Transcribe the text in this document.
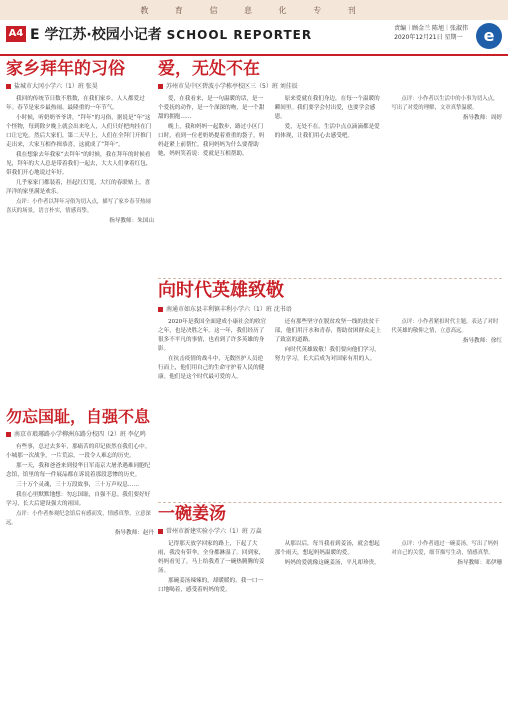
教 育 信 息 化 专 刊
A4 E 学江苏·校园小记者 SCHOOL REPORTER	责编｜顾金兰 陈旭｜张淑伟
2020年12月21日 星期一	e
家乡拜年的习俗
盐城市大冈小学六（1）班 张昊

我回的传统节日数不胜数，在我们家乡，人人都爱过年。春节是家乡最热闹、最隆重的一年节气。

小时候，听奶奶爷爷讲，“拜年”的习俗，据说是“年”这个怪物，每到除夕晚上就会出来吃人，人们只好把肉挂在门口让它吃。然后大家们，第二天早上，人们在全拜门开推门走出来，大家互相作揖恭喜，这就成了“拜年”。

我在想象去年我家“去拜年”的时候，我在拜年的时候看见，拜年的大人总是带着我们一起去，大大人们拿着红包，带我们开心地说过年好。

几乎家家门都装着，挂起红灯笼，大红的春联贴上，喜洋洋的家里满是欢乐。

点评：小作者以拜年习俗为切入点，描写了家乡春节热闹喜庆的场景，语言朴实，情感真挚。

指导教师：朱国山
勿忘国耻，自强不息
南京市琅琊路小学柳洲东路分校四（2）班 李亿鸣

有些事，总过去多年，那痛苦的印记依然在我们心中。小城那一次战争，一片荒凉，一段令人难忘的历史。

那一天，我和爸爸来到侵华日军南京大屠杀遇难同胞纪念馆，馆里的每一件展品都在诉说着那段悲惨的历史。

三十万个灵魂，三十万段故事，三十万声叹息……

我在心里默默地想：勿忘国耻，自强不息。我们要好好学习，长大后建设强大的祖国。

点评：小作者参观纪念馆后有感而发，情感真挚，立意深远。

指导教师：赵丹
爱，无处不在
苏州市吴中区碧波小学栋亭校区三（5）班 刘佳辰

爱，在我看来，是一句温暖的话，是一个爱抚的动作，是一个深深的吻，是一个甜甜的拥抱……

晚上，我和妈妈一起散步，路过小区门口时，看到一位老奶奶提着重重的袋子，妈妈赶紧上前帮忙。我问妈妈为什么要帮助她，妈妈笑着说：爱就是互相帮助。

原来爱就在我们身边，在每一个温暖的瞬间里。我们要学会付出爱，也要学会感恩。

爱，无处不在。生活中点点滴滴都是爱的体现，让我们用心去感受吧。

点评：小作者以生活中的小事为切入点，写出了对爱的理解，文章真挚温暖。

指导教师：周婷
向时代英雄致敬
南通市如东县丰利镇丰利小学六（1）班 沈书语

2020年是我国全面建成小康社会的收官之年，也是决胜之年。这一年，我们经历了很多不平凡的事情，也看到了许多英雄的身影。

在抗击疫情的战斗中，无数医护人员逆行而上，他们用自己的生命守护着人民的健康。他们是这个时代最可爱的人。

还有那些坚守在脱贫攻坚一线的扶贫干部，他们用汗水和青春，帮助贫困群众走上了致富的道路。

向时代英雄致敬！我们要向他们学习，努力学习，长大后成为对国家有用的人。

点评：小作者紧扣时代主题，表达了对时代英雄的敬仰之情，立意高远。

指导教师：徐红
一碗姜汤
常州市新建实验小学六（1）班 万焱

记得那天放学回家的路上，下起了大雨，我没有带伞，全身都淋湿了。回到家，妈妈看见了，马上给我煮了一碗热腾腾的姜汤。

那碗姜汤辣辣的，却暖暖的。我一口一口地喝着，感受着妈妈的爱。

从那以后，每当我看到姜汤，就会想起那个雨天，想起妈妈温暖的爱。

妈妈的爱就像这碗姜汤，平凡却珍贵。

点评：小作者通过一碗姜汤，写出了妈妈对自己的关爱，细节描写生动，情感真挚。

指导教师：邓伊珊
